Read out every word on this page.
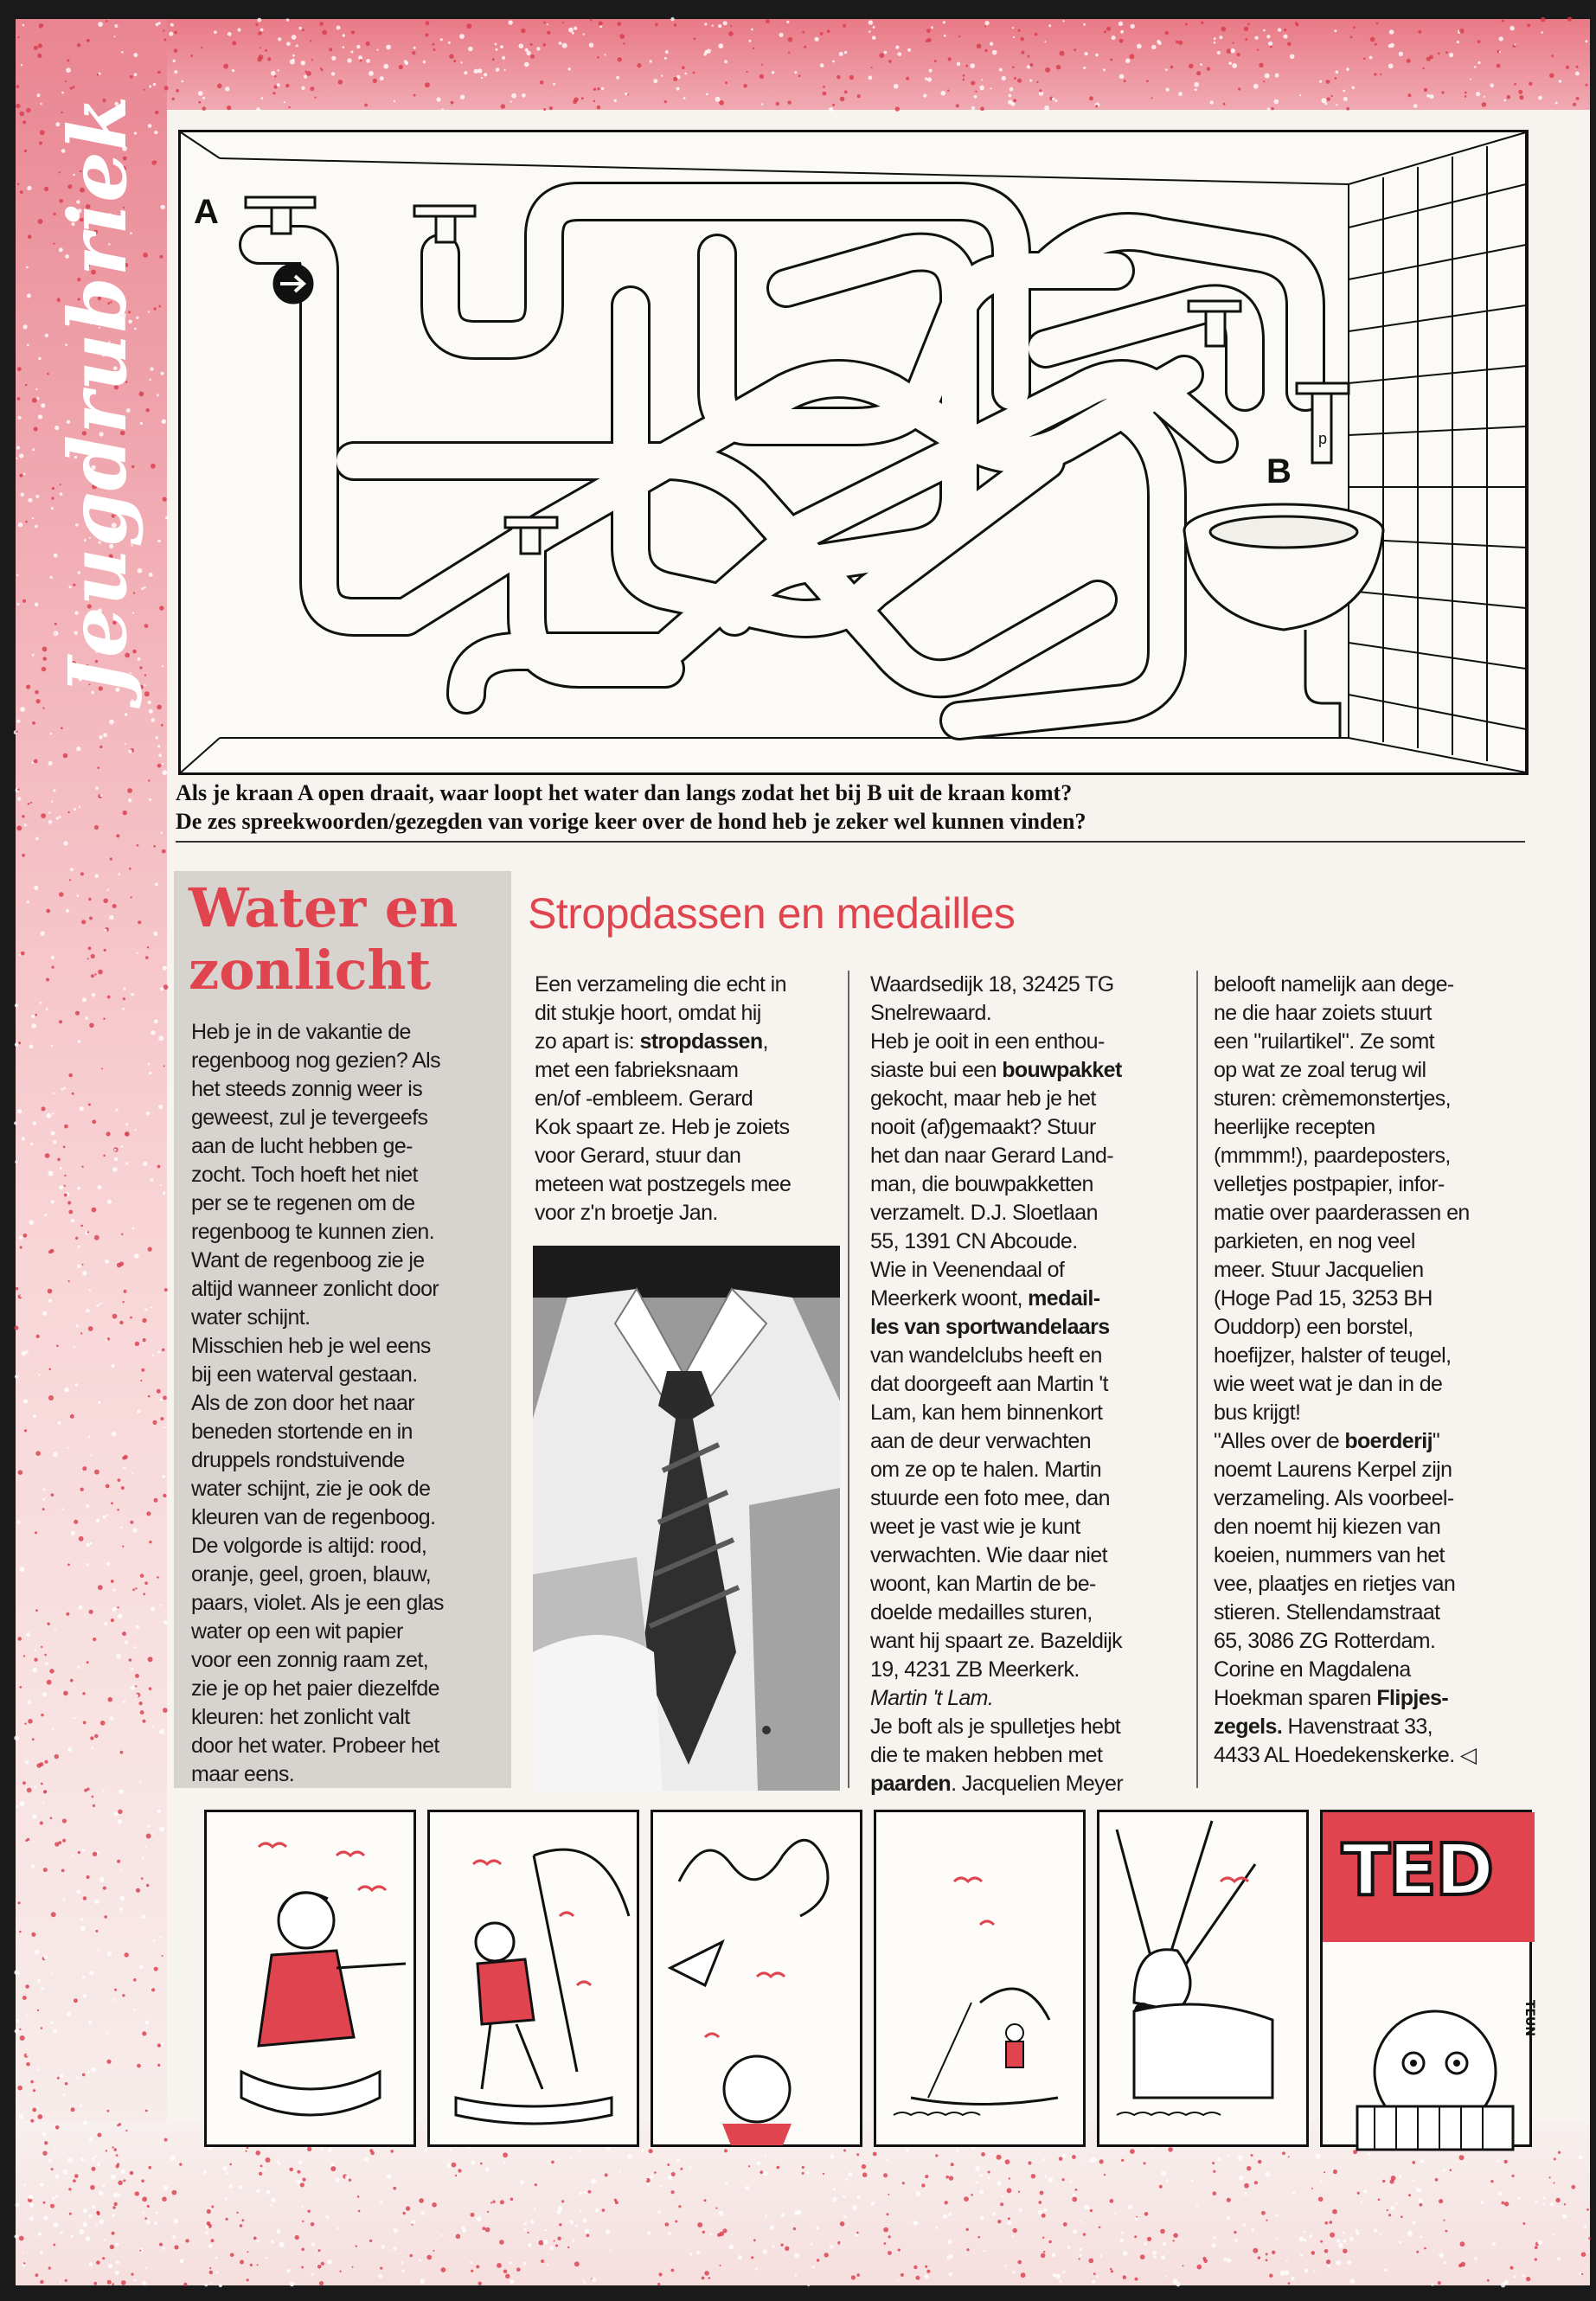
Jeugdrubriek A
B
p
Als je kraan A open draait, waar loopt het water dan langs zodat het bij B uit de kraan komt?
De zes spreekwoorden/gezegden van vorige keer over de hond heb je zeker wel kunnen vinden?
Water en zonlicht
Heb je in de vakantie de
regenboog nog gezien? Als
het steeds zonnig weer is
geweest, zul je tevergeefs
aan de lucht hebben ge-
zocht. Toch hoeft het niet
per se te regenen om de
regenboog te kunnen zien.
Want de regenboog zie je
altijd wanneer zonlicht door
water schijnt.
Misschien heb je wel eens
bij een waterval gestaan.
Als de zon door het naar
beneden stortende en in
druppels rondstuivende
water schijnt, zie je ook de
kleuren van de regenboog.
De volgorde is altijd: rood,
oranje, geel, groen, blauw,
paars, violet. Als je een glas
water op een wit papier
voor een zonnig raam zet,
zie je op het paier diezelfde
kleuren: het zonlicht valt
door het water. Probeer het
maar eens.
Stropdassen en medailles
Een verzameling die echt in
dit stukje hoort, omdat hij
zo apart is: stropdassen,
met een fabrieksnaam
en/of -embleem. Gerard
Kok spaart ze. Heb je zoiets
voor Gerard, stuur dan
meteen wat postzegels mee
voor z'n broetje Jan.
Waardsedijk 18, 32425 TG
Snelrewaard.
Heb je ooit in een enthou-
siaste bui een bouwpakket
gekocht, maar heb je het
nooit (af)gemaakt? Stuur
het dan naar Gerard Land-
man, die bouwpakketten
verzamelt. D.J. Sloetlaan
55, 1391 CN Abcoude.
Wie in Veenendaal of
Meerkerk woont, medail-
les van sportwandelaars
van wandelclubs heeft en
dat doorgeeft aan Martin 't
Lam, kan hem binnenkort
aan de deur verwachten
om ze op te halen. Martin
stuurde een foto mee, dan
weet je vast wie je kunt
verwachten. Wie daar niet
woont, kan Martin de be-
doelde medailles sturen,
want hij spaart ze. Bazeldijk
19, 4231 ZB Meerkerk.
Martin 't Lam.
Je boft als je spulletjes hebt
die te maken hebben met
paarden. Jacquelien Meyer
belooft namelijk aan dege-
ne die haar zoiets stuurt
een "ruilartikel". Ze somt
op wat ze zoal terug wil
sturen: crèmemonstertjes,
heerlijke recepten
(mmmm!), paardeposters,
velletjes postpapier, infor-
matie over paarderassen en
parkieten, en nog veel
meer. Stuur Jacquelien
(Hoge Pad 15, 3253 BH
Ouddorp) een borstel,
hoefijzer, halster of teugel,
wie weet wat je dan in de
bus krijgt!
"Alles over de boerderij"
noemt Laurens Kerpel zijn
verzameling. Als voorbeel-
den noemt hij kiezen van
koeien, nummers van het
vee, plaatjes en rietjes van
stieren. Stellendamstraat
65, 3086 ZG Rotterdam.
Corine en Magdalena
Hoekman sparen Flipjes-
zegels. Havenstraat 33,
4433 AL Hoedekenskerke. ◁
TED
TEUN
